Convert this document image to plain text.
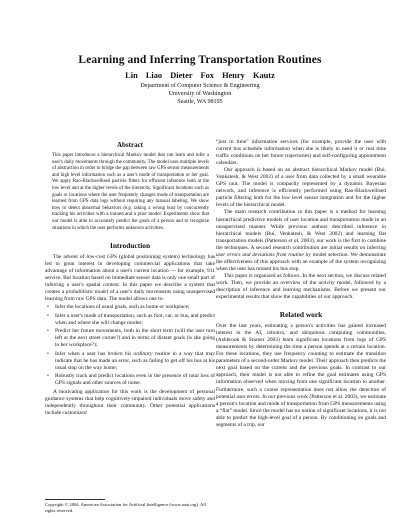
Learning and Inferring Transportation Routines
Lin Liao Dieter Fox Henry Kautz
Department of Computer Science & Engineering
University of Washington
Seattle, WA 98195
Abstract
This paper introduces a hierarchical Markov model that can learn and infer a user's daily movements through the community. The model uses multiple levels of abstraction in order to bridge the gap between raw GPS sensor measurements and high level information such as a user's mode of transportation or her goal. We apply Rao-Blackwellised particle filters for efficient inference both at the low level and at the higher levels of the hierarchy. Significant locations such as goals or locations where the user frequently changes mode of transportation are learned from GPS data logs without requiring any manual labeling. We show how to detect abnormal behaviors (e.g. taking a wrong bus) by concurrently tracking his activities with a trained and a prior model. Experiments show that our model is able to accurately predict the goals of a person and to recognize situations in which the user performs unknown activities.
Introduction

The advent of low-cost GPS (global positioning system) technology has led to great interest in developing commercial applications that take advantage of information about a user's current location — for example, 911 service. But location based on immediate sensor data is only one small part of inferring a user's spatial context. In this paper we describe a system that creates a probabilistic model of a user's daily movements using unsupervised learning from raw GPS data. The model allows one to:

• Infer the locations of usual goals, such as home or workplace;
• Infer a user's mode of transportation, such as foot, car, or bus, and predict when and where she will change modes;
• Predict her future movements, both in the short term (will the user turn left at the next street corner?) and in terms of distant goals (is she going to her workplace?);
• Infer when a user has broken his ordinary routine in a way that may indicate that he has made an error, such as failing to get off his bus at his usual stop on the way home;
• Robustly track and predict locations even in the presence of total loss of GPS signals and other sources of noise.

A motivating application for this work is the development of personal guidance systems that help cognitively-impaired individuals move safely and independently throughout their community. Other potential applications include customized

Copyright © 2004, American Association for Artificial Intelligence (www.aaai.org). All rights reserved.

“just in time” information services (for example, provide the user with current bus schedule information when she is likely to need it or real time traffic conditions on her future trajectories) and self-configuring appointment calendars.

Our approach is based on an abstract hierarchical Markov model (Bui, Venkatesh, & West 2002) of a user from data collected by a small wearable GPS unit. The model is compactly represented by a dynamic Bayesian network, and inference is efficiently performed using Rao-Blackwellised particle filtering both for the low level sensor integration and for the higher levels of the hierarchical model.

The main research contribution in this paper is a method for learning hierarchical predictive models of user location and transportation mode in an unsupervised manner. While previous authors described inference in hierarchical models (Bui, Venkatesh, & West 2002) and learning flat transportation models (Patterson et al. 2003), our work is the first to combine the techniques. A second research contribution are initial results on inferring user errors and deviations from routine by model selection. We demonstrate the effectiveness of this approach with an example of the system recognizing when the user has missed his bus stop.

This paper is organized as follows. In the next section, we discuss related work. Then, we provide an overview of the activity model, followed by a description of inference and learning mechanisms. Before we present our experimental results that show the capabilities of our approach.

Related work

Over the last years, estimating a person's activities has gained increased interest in the AI, robotics, and ubiquitous computing communities. (Ashbrook & Starner 2003) learn significant locations from logs of GPS measurements by determining the time a person spends at a certain location. For these locations, they use frequency counting to estimate the transition parameters of a second-order Markov model. Their approach then predicts the next goal based on the current and the previous goals. In contrast to our approach, their model is not able to refine the goal estimates using GPS information observed when moving from one significant location to another. Furthermore, such a coarse representation does not allow the detection of potential user errors. In our previous work (Patterson et al. 2003), we estimate a person's location and mode of transportation from GPS measurements using a “flat” model. Since the model has no notion of significant locations, it is not able to predict the high-level goal of a person. By conditioning on goals and segments of a trip, our
